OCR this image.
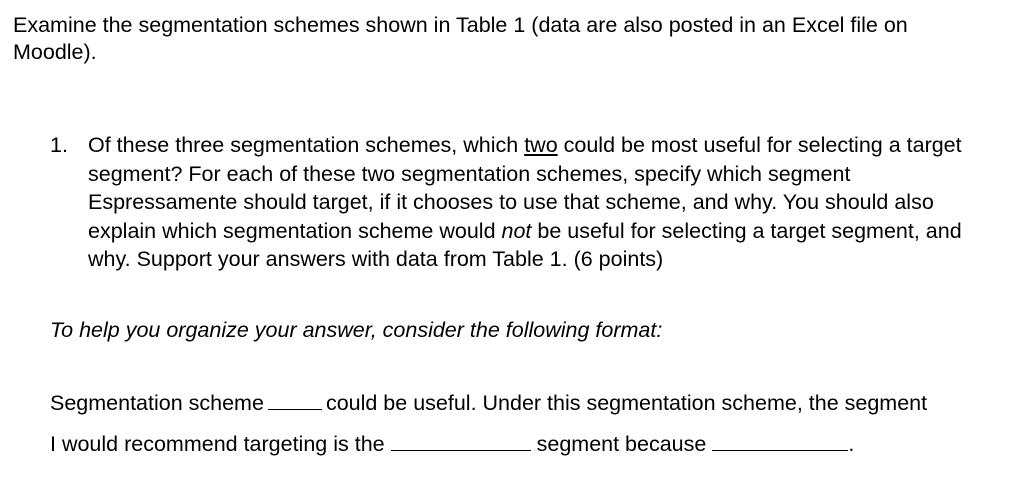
Examine the segmentation schemes shown in Table 1 (data are also posted in an Excel file on Moodle).

1. Of these three segmentation schemes, which two could be most useful for selecting a target segment? For each of these two segmentation schemes, specify which segment Espressamente should target, if it chooses to use that scheme, and why. You should also explain which segmentation scheme would not be useful for selecting a target segment, and why. Support your answers with data from Table 1. (6 points)
To help you organize your answer, consider the following format:
Segmentation scheme	could be useful. Under this segmentation scheme, the segment
I would recommend targeting is the	segment because	.
